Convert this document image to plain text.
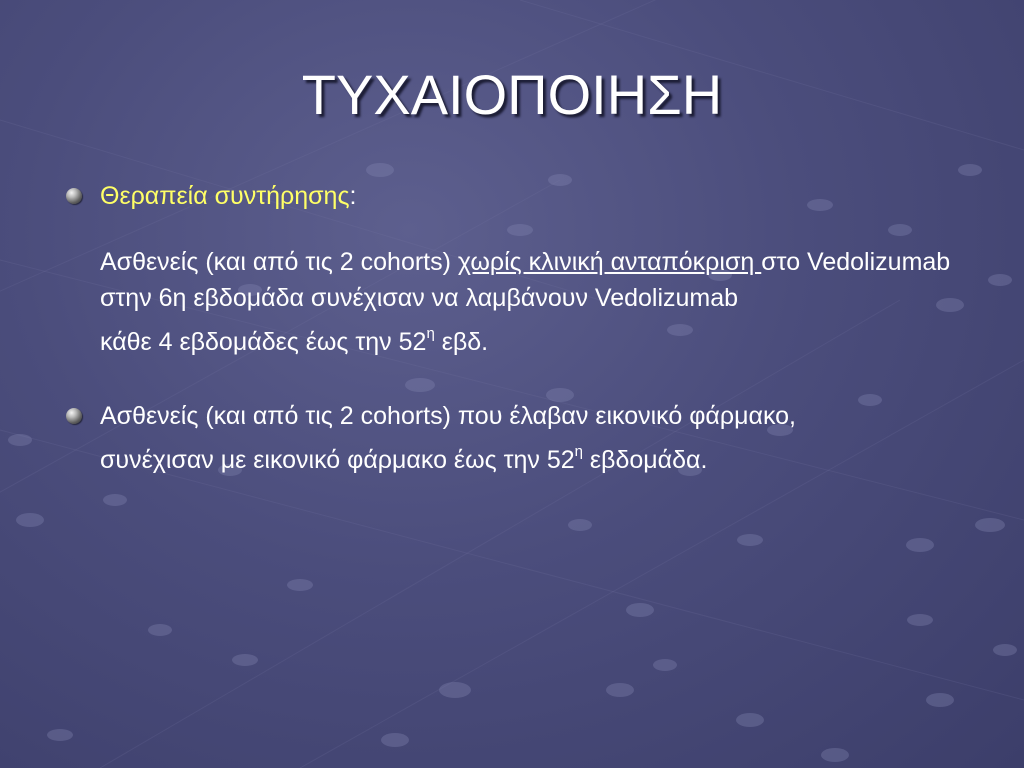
ΤΥΧΑΙΟΠΟΙΗΣΗ
Θεραπεία συντήρησης:
Ασθενείς (και από τις 2 cohorts) χωρίς κλινική ανταπόκριση στο Vedolizumab στην 6η εβδομάδα συνέχισαν να λαμβάνουν Vedolizumab
κάθε 4 εβδομάδες έως την $52^\eta$ εβδ.
Ασθενείς (και από τις 2 cohorts) που έλαβαν εικονικό φάρμακο,
συνέχισαν με εικονικό φάρμακο έως την $52^\eta$ εβδομάδα.
